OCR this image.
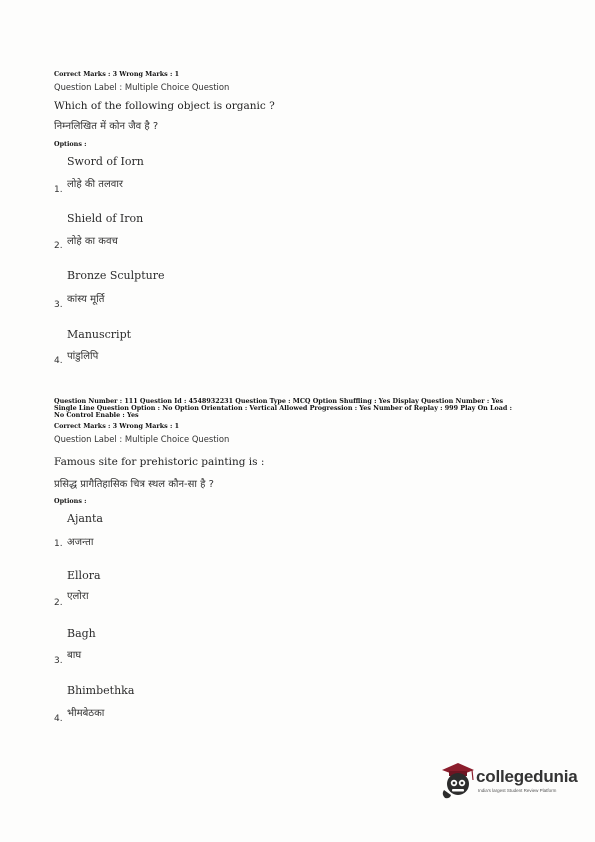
Correct Marks : 3 Wrong Marks : 1
Question Label : Multiple Choice Question
Which of the following object is organic ?
निम्नलिखित में कोन जैव है ?
Options :
Sword of Iorn
लोहे की तलवार
1.
Shield of Iron
लोहे का कवच
2.
Bronze Sculpture
कांस्य मूर्ति
3.
Manuscript
पांडुलिपि
4.
Question Number : 111 Question Id : 4548932231 Question Type : MCQ Option Shuffling : Yes Display Question Number : Yes
Single Line Question Option : No Option Orientation : Vertical Allowed Progression : Yes Number of Replay : 999 Play On Load :
No Control Enable : Yes
Correct Marks : 3 Wrong Marks : 1
Question Label : Multiple Choice Question
Famous site for prehistoric painting is :
प्रसिद्ध प्रागैतिहासिक चित्र स्थल कौन-सा है ?
Options :
Ajanta
अजन्ता
1.
Ellora
एलोरा
2.
Bagh
बाघ
3.
Bhimbethka
भीमबेठका
4.
collegedunia
India's largest Student Review Platform
